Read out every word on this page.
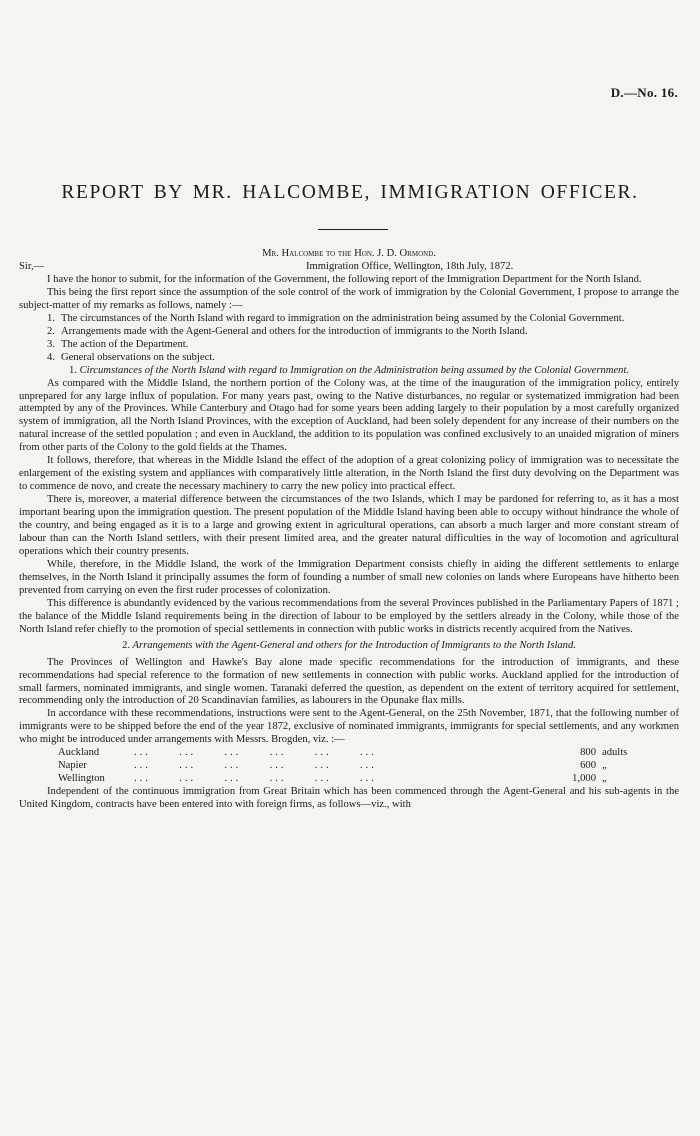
D.—No. 16.
REPORT BY MR. HALCOMBE, IMMIGRATION OFFICER.

Mr. Halcombe to the Hon. J. D. Ormond.

Sir,—	Immigration Office, Wellington, 18th July, 1872.

I have the honor to submit, for the information of the Government, the following report of the Immigration Department for the North Island.

This being the first report since the assumption of the sole control of the work of immigration by the Colonial Government, I propose to arrange the subject-matter of my remarks as follows, namely :—

1. The circumstances of the North Island with regard to immigration on the administration being assumed by the Colonial Government.
2. Arrangements made with the Agent-General and others for the introduction of immigrants to the North Island.
3. The action of the Department.
4. General observations on the subject.

1. Circumstances of the North Island with regard to Immigration on the Administration being assumed by the Colonial Government.

As compared with the Middle Island, the northern portion of the Colony was, at the time of the inauguration of the immigration policy, entirely unprepared for any large influx of population. For many years past, owing to the Native disturbances, no regular or systematized immigration had been attempted by any of the Provinces. While Canterbury and Otago had for some years been adding largely to their population by a most carefully organized system of immigration, all the North Island Provinces, with the exception of Auckland, had been solely dependent for any increase of their numbers on the natural increase of the settled population ; and even in Auckland, the addition to its population was confined exclusively to an unaided migration of miners from other parts of the Colony to the gold fields at the Thames.

It follows, therefore, that whereas in the Middle Island the effect of the adoption of a great colonizing policy of immigration was to necessitate the enlargement of the existing system and appliances with comparatively little alteration, in the North Island the first duty devolving on the Department was to commence de novo, and create the necessary machinery to carry the new policy into practical effect.

There is, moreover, a material difference between the circumstances of the two Islands, which I may be pardoned for referring to, as it has a most important bearing upon the immigration question. The present population of the Middle Island having been able to occupy without hindrance the whole of the country, and being engaged as it is to a large and growing extent in agricultural operations, can absorb a much larger and more constant stream of labour than can the North Island settlers, with their present limited area, and the greater natural difficulties in the way of locomotion and agricultural operations which their country presents.

While, therefore, in the Middle Island, the work of the Immigration Department consists chiefly in aiding the different settlements to enlarge themselves, in the North Island it principally assumes the form of founding a number of small new colonies on lands where Europeans have hitherto been prevented from carrying on even the first ruder processes of colonization.

This difference is abundantly evidenced by the various recommendations from the several Provinces published in the Parliamentary Papers of 1871 ; the balance of the Middle Island requirements being in the direction of labour to be employed by the settlers already in the Colony, while those of the North Island refer chiefly to the promotion of special settlements in connection with public works in districts recently acquired from the Natives.

2. Arrangements with the Agent-General and others for the Introduction of Immigrants to the North Island.

The Provinces of Wellington and Hawke's Bay alone made specific recommendations for the introduction of immigrants, and these recommendations had special reference to the formation of new settlements in connection with public works. Auckland applied for the introduction of small farmers, nominated immigrants, and single women. Taranaki deferred the question, as dependent on the extent of territory acquired for settlement, recommending only the introduction of 20 Scandinavian families, as labourers in the Opunake flax mills.

In accordance with these recommendations, instructions were sent to the Agent-General, on the 25th November, 1871, that the following number of immigrants were to be shipped before the end of the year 1872, exclusive of nominated immigrants, immigrants for special settlements, and any workmen who might be introduced under arrangements with Messrs. Brogden, viz. :—

Auckland	...     ...     ...     ...     ...     ...	800 adults
Napier	...     ...     ...     ...     ...     ...	600 „
Wellington	...     ...     ...     ...     ...     ...	1,000 „

Independent of the continuous immigration from Great Britain which has been commenced through the Agent-General and his sub-agents in the United Kingdom, contracts have been entered into with foreign firms, as follows—viz., with
